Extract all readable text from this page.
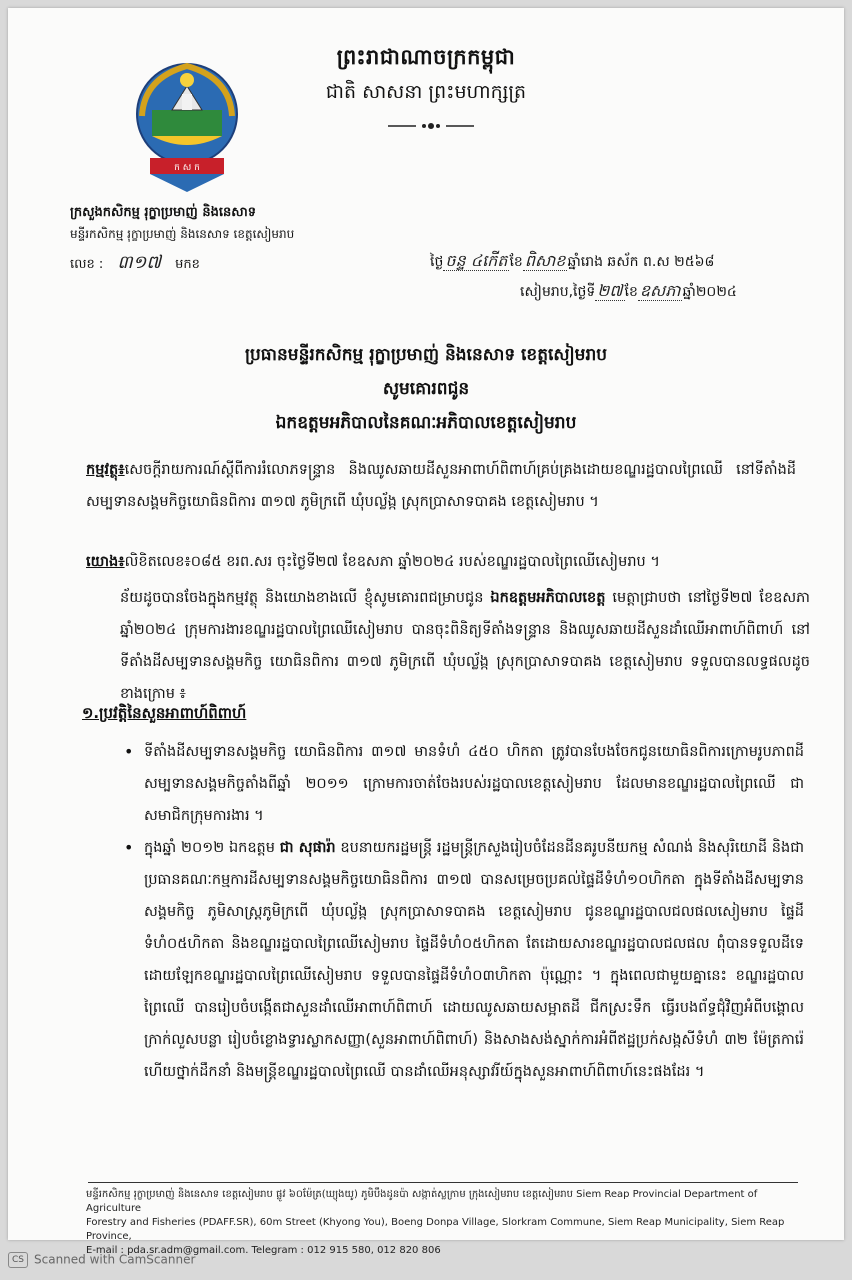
ព្រះរាជាណាចក្រកម្ពុជា
ជាតិ សាសនា ព្រះមហាក្សត្រ
ក ស ក
ក្រសួងកសិកម្ម រុក្ខាប្រមាញ់ និងនេសាទ
មន្ទីរកសិកម្ម រុក្ខាប្រមាញ់ និងនេសាទ ខេត្តសៀមរាប
លេខ : ៣១៧ មកខ	ថ្ងៃ ចន្ទ ៤កើត ខែ ពិសាខ ឆ្នាំរោង ឆស័ក ព.ស ២៥៦៨
សៀមរាប,ថ្ងៃទី ២៧ ខែ ឧសភា ឆ្នាំ២០២៤
ប្រធានមន្ទីរកសិកម្ម រុក្ខាប្រមាញ់ និងនេសាទ ខេត្តសៀមរាប
សូមគោរពជូន
ឯកឧត្តមអភិបាលនៃគណៈអភិបាលខេត្តសៀមរាប
កម្មវត្ថុ៖សេចក្តីរាយការណ៍ស្តីពីការរំលោភទន្ទ្រាន និងឈូសឆាយដីសួនអាពាហ៍ពិពាហ៍គ្រប់គ្រងដោយខណ្ឌរដ្ឋបាលព្រៃឈើ នៅទីតាំងដីសម្បទានសង្គមកិច្ចយោធិនពិការ ៣១៧ ភូមិក្រពើ ឃុំបល្ល័ង្ក ស្រុកប្រាសាទបាគង ខេត្តសៀមរាប ។
យោង៖លិខិតលេខ៖០៨៥ ខរព.សរ ចុះថ្ងៃទី២៧ ខែឧសភា ឆ្នាំ២០២៤ របស់ខណ្ឌរដ្ឋបាលព្រៃឈើសៀមរាប ។
ន័យដូចបានចែងក្នុងកម្មវត្ថុ និងយោងខាងលើ ខ្ញុំសូមគោរពជម្រាបជូន ឯកឧត្តមអភិបាលខេត្ត មេត្តាជ្រាបថា នៅថ្ងៃទី២៧ ខែឧសភា ឆ្នាំ២០២៤ ក្រុមការងារខណ្ឌរដ្ឋបាលព្រៃឈើសៀមរាប បានចុះពិនិត្យទីតាំងទន្ទ្រាន និងឈូសឆាយដីសួនដាំឈើអាពាហ៍ពិពាហ៍ នៅទីតាំងដីសម្បទានសង្គមកិច្ច យោធិនពិការ ៣១៧ ភូមិក្រពើ ឃុំបល្ល័ង្ក ស្រុកប្រាសាទបាគង ខេត្តសៀមរាប ទទួលបានលទ្ធផលដូចខាងក្រោម ៖
១.ប្រវត្តិនៃសួនអាពាហ៍ពិពាហ៍
• ទីតាំងដីសម្បទានសង្គមកិច្ច យោធិនពិការ ៣១៧ មានទំហំ ៤៥០ ហិកតា ត្រូវបានបែងចែកជូនយោធិនពិការក្រោមរូបភាពដីសម្បទានសង្គមកិច្ចតាំងពីឆ្នាំ ២០១១ ក្រោមការចាត់ចែងរបស់រដ្ឋបាលខេត្តសៀមរាប ដែលមានខណ្ឌរដ្ឋបាលព្រៃឈើ ជាសមាជិកក្រុមការងារ ។
• ក្នុងឆ្នាំ ២០១២ ឯកឧត្តម ជា សុផារ៉ា ឧបនាយករដ្ឋមន្ត្រី រដ្ឋមន្ត្រីក្រសួងរៀបចំដែនដីនគរូបនីយកម្ម សំណង់ និងសុរិយោដី និងជាប្រធានគណៈកម្មការដីសម្បទានសង្គមកិច្ចយោធិនពិការ ៣១៧ បានសម្រេចប្រគល់ផ្ទៃដីទំហំ១០ហិកតា ក្នុងទីតាំងដីសម្បទានសង្គមកិច្ច ភូមិសាស្ត្រភូមិក្រពើ ឃុំបល្ល័ង្ក ស្រុកប្រាសាទបាគង ខេត្តសៀមរាប ជូនខណ្ឌរដ្ឋបាលជលផលសៀមរាប ផ្ទៃដីទំហំ០៥ហិកតា និងខណ្ឌរដ្ឋបាលព្រៃឈើសៀមរាប ផ្ទៃដីទំហំ០៥ហិកតា តែដោយសារខណ្ឌរដ្ឋបាលជលផល ពុំបានទទួលដីទេ ដោយឡែកខណ្ឌរដ្ឋបាលព្រៃឈើសៀមរាប ទទួលបានផ្ទៃដីទំហំ០៣ហិកតា ប៉ុណ្ណោះ ។ ក្នុងពេលជាមួយគ្នានេះ ខណ្ឌរដ្ឋបាលព្រៃឈើ បានរៀបចំបង្កើតជាសួនដាំឈើអាពាហ៍ពិពាហ៍ ដោយឈូសឆាយសម្អាតដី ជីកស្រះទឹក ធ្វើរបងព័ទ្ធជុំវិញអំពីបង្គោលក្រាក់លួសបន្លា រៀបចំខ្លោងទ្វារស្លាកសញ្ញា(សួនអាពាហ៍ពិពាហ៍) និងសាងសង់ស្នាក់ការអំពីឥដ្ឋប្រក់សង្កសីទំហំ ៣២ ម៉ែត្រការ៉េ ហើយថ្នាក់ដឹកនាំ និងមន្ត្រីខណ្ឌរដ្ឋបាលព្រៃឈើ បានដាំឈើអនុស្សាវរីយ៍ក្នុងសួនអាពាហ៍ពិពាហ៍នេះផងដែរ ។
មន្ទីរកសិកម្ម រុក្ខាប្រមាញ់ និងនេសាទ ខេត្តសៀមរាប ផ្លូវ ៦០ម៉ែត្រ(ឃ្យុងយូ) ភូមិបឹងដូនប៉ា សង្កាត់ស្លក្រាម ក្រុងសៀមរាប ខេត្តសៀមរាប Siem Reap Provincial Department of Agriculture
Forestry and Fisheries (PDAFF.SR), 60m Street (Khyong You), Boeng Donpa Village, Slorkram Commune, Siem Reap Municipality, Siem Reap Province,
E-mail : pda.sr.adm@gmail.com. Telegram : 012 915 580, 012 820 806
CS Scanned with CamScanner
